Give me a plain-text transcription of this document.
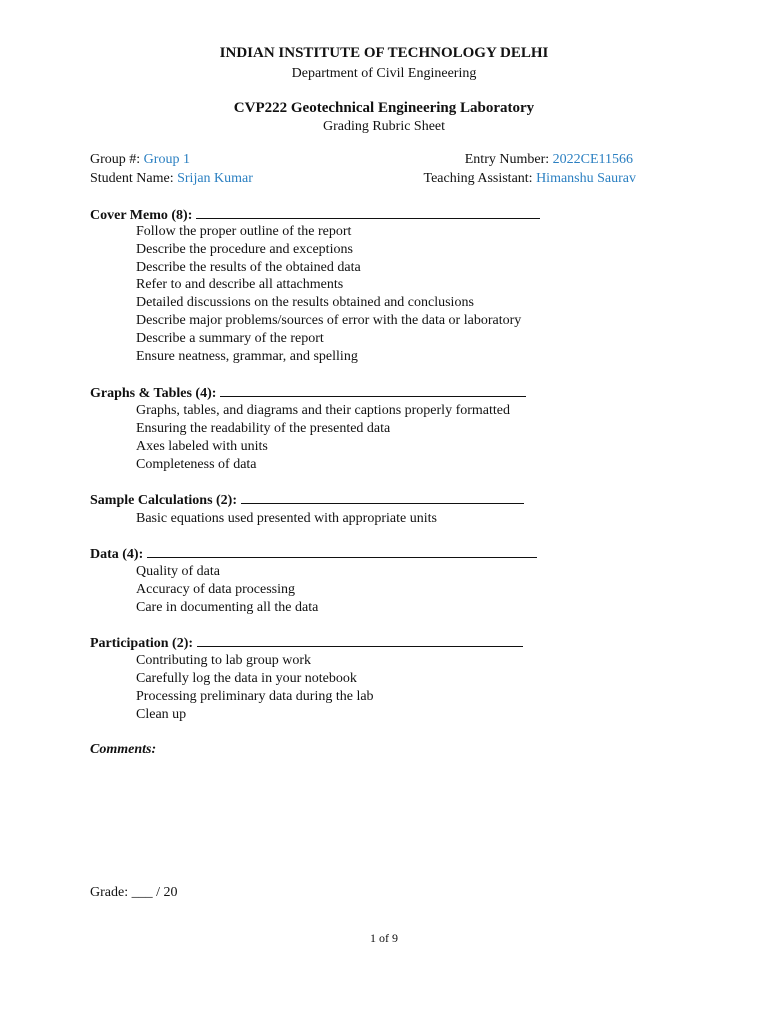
INDIAN INSTITUTE OF TECHNOLOGY DELHI
Department of Civil Engineering
CVP222 Geotechnical Engineering Laboratory
Grading Rubric Sheet
Group #: Group 1	Entry Number: 2022CE11566
Student Name: Srijan Kumar	Teaching Assistant: Himanshu Saurav
Cover Memo (8):
Follow the proper outline of the report
Describe the procedure and exceptions
Describe the results of the obtained data
Refer to and describe all attachments
Detailed discussions on the results obtained and conclusions
Describe major problems/sources of error with the data or laboratory
Describe a summary of the report
Ensure neatness, grammar, and spelling
Graphs & Tables (4):
Graphs, tables, and diagrams and their captions properly formatted
Ensuring the readability of the presented data
Axes labeled with units
Completeness of data
Sample Calculations (2):
Basic equations used presented with appropriate units
Data (4):
Quality of data
Accuracy of data processing
Care in documenting all the data
Participation (2):
Contributing to lab group work
Carefully log the data in your notebook
Processing preliminary data during the lab
Clean up
Comments:
Grade: ___ / 20
1 of 9
